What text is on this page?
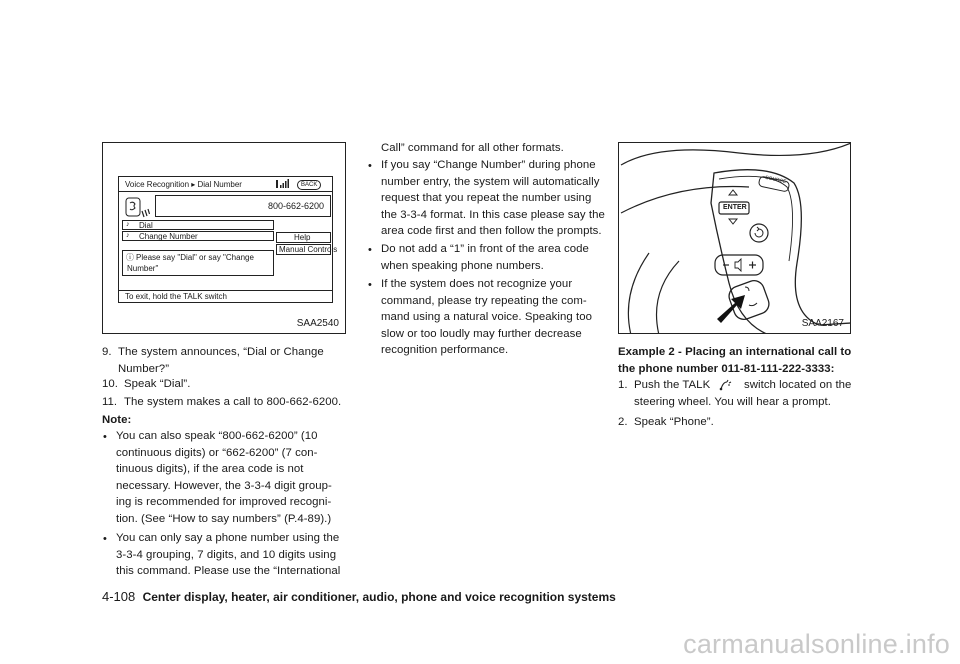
Voice Recognition ▸ Dial Number	BACK
800-662-6200
♪ Dial
♪ Change Number	Help
Manual Controls
ⓘ Please say "Dial" or say "Change
Number"
To exit, hold the TALK switch
SAA2540
9. The system announces, “Dial or Change
Number?”
10. Speak “Dial”.
11. The system makes a call to 800-662-6200.
Note:
• You can also speak “800-662-6200” (10
continuous digits) or “662-6200” (7 con-
tinuous digits), if the area code is not
necessary. However, the 3-3-4 digit group-
ing is recommended for improved recogni-
tion. (See “How to say numbers” (P.4-89).)
• You can only say a phone number using the
3-3-4 grouping, 7 digits, and 10 digits using
this command. Please use the “International
Call” command for all other formats.
• If you say “Change Number” during phone
number entry, the system will automatically
request that you repeat the number using
the 3-3-4 format. In this case please say the
area code first and then follow the prompts.
• Do not add a “1” in front of the area code
when speaking phone numbers.
• If the system does not recognize your
command, please try repeating the com-
mand using a natural voice. Speaking too
slow or too loudly may further decrease
recognition performance.
SOURCE
ENTER
SAA2167
Example 2 - Placing an international call to
the phone number 011-81-111-222-3333:
1. Push the TALK	switch located on the
steering wheel. You will hear a prompt.
2. Speak “Phone”.
4-108 Center display, heater, air conditioner, audio, phone and voice recognition systems
carmanualsonline.info
